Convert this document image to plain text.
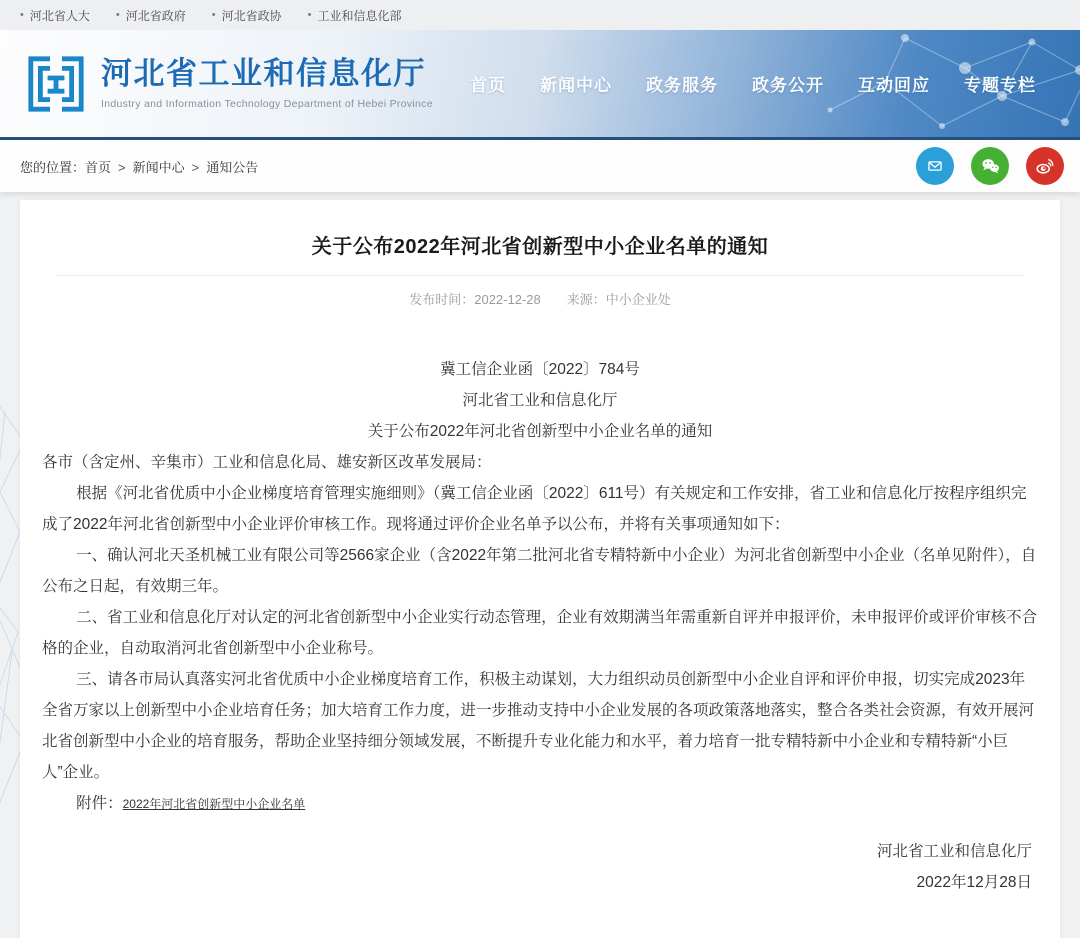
• 河北省人大 • 河北省政府 • 河北省政协 • 工业和信息化部
河北省工业和信息化厅
Industry and Information Technology Department of Hebei Province
首页 新闻中心 政务服务 政务公开 互动回应 专题专栏
您的位置：首页 > 新闻中心 > 通知公告
关于公布2022年河北省创新型中小企业名单的通知
发布时间：2022-12-28 来源：中小企业处
冀工信企业函〔2022〕784号
河北省工业和信息化厅
关于公布2022年河北省创新型中小企业名单的通知

各市（含定州、辛集市）工业和信息化局、雄安新区改革发展局：

根据《河北省优质中小企业梯度培育管理实施细则》（冀工信企业函〔2022〕611号）有关规定和工作安排，省工业和信息化厅按程序组织完成了2022年河北省创新型中小企业评价审核工作。现将通过评价企业名单予以公布，并将有关事项通知如下：

一、确认河北天圣机械工业有限公司等2566家企业（含2022年第二批河北省专精特新中小企业）为河北省创新型中小企业（名单见附件），自公布之日起，有效期三年。

二、省工业和信息化厅对认定的河北省创新型中小企业实行动态管理，企业有效期满当年需重新自评并申报评价，未申报评价或评价审核不合格的企业，自动取消河北省创新型中小企业称号。

三、请各市局认真落实河北省优质中小企业梯度培育工作，积极主动谋划，大力组织动员创新型中小企业自评和评价申报，切实完成2023年全省万家以上创新型中小企业培育任务；加大培育工作力度，进一步推动支持中小企业发展的各项政策落地落实，整合各类社会资源，有效开展河北省创新型中小企业的培育服务，帮助企业坚持细分领域发展，不断提升专业化能力和水平，着力培育一批专精特新中小企业和专精特新“小巨人”企业。

附件：2022年河北省创新型中小企业名单

河北省工业和信息化厅
2022年12月28日
